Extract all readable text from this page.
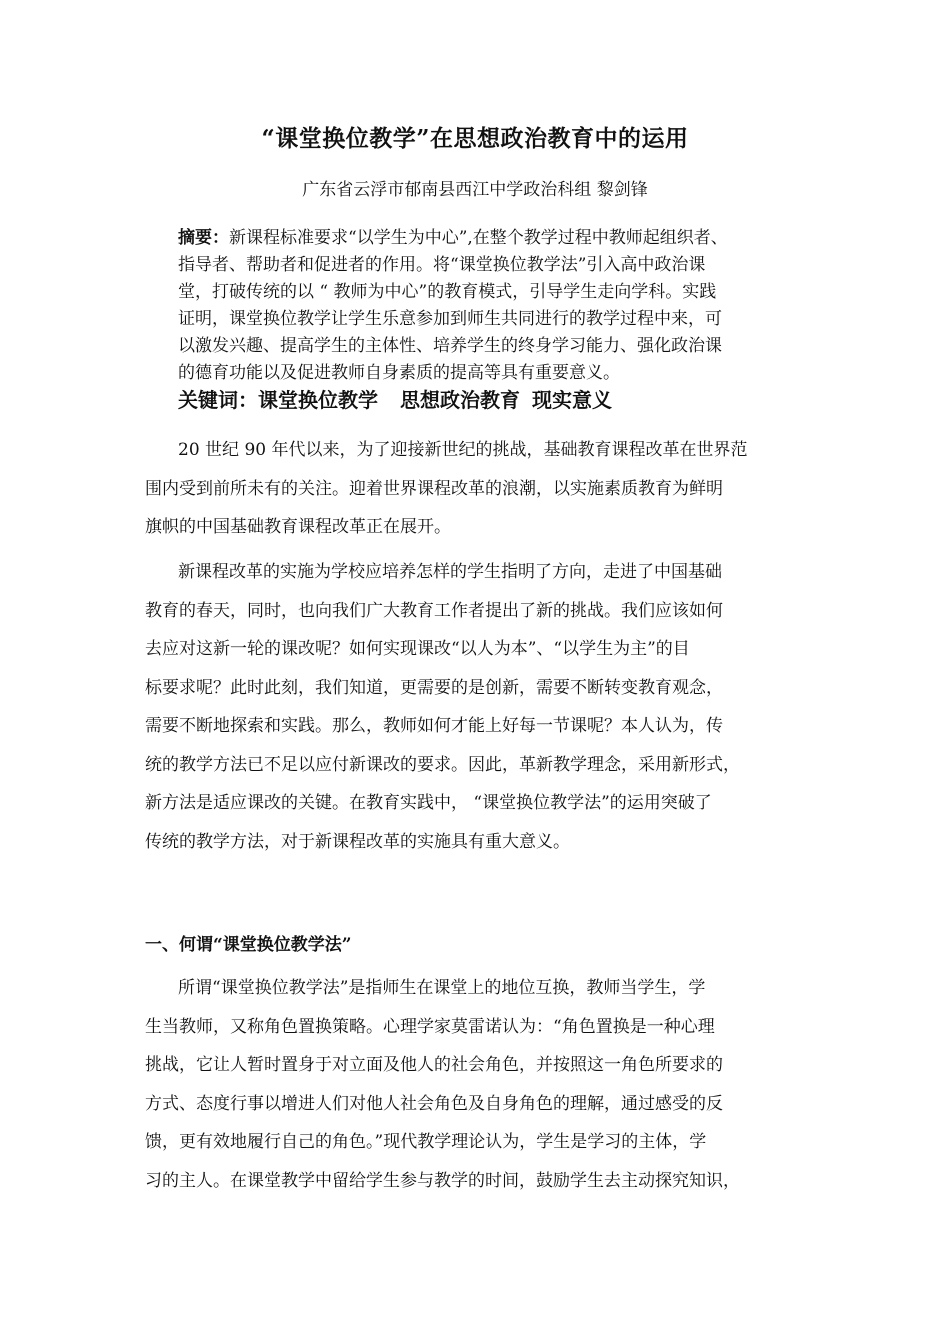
“课堂换位教学”在思想政治教育中的运用
广东省云浮市郁南县西江中学政治科组 黎剑锋
摘要：新课程标准要求“以学生为中心”,在整个教学过程中教师起组织者、
指导者、帮助者和促进者的作用。将“课堂换位教学法”引入高中政治课
堂，打破传统的以 “ 教师为中心”的教育模式，引导学生走向学科。实践
证明，课堂换位教学让学生乐意参加到师生共同进行的教学过程中来，可
以激发兴趣、提高学生的主体性、培养学生的终身学习能力、强化政治课
的德育功能以及促进教师自身素质的提高等具有重要意义。
关键词：课堂换位教学 思想政治教育 现实意义
20 世纪 90 年代以来，为了迎接新世纪的挑战，基础教育课程改革在世界范
围内受到前所未有的关注。迎着世界课程改革的浪潮，以实施素质教育为鲜明
旗帜的中国基础教育课程改革正在展开。
新课程改革的实施为学校应培养怎样的学生指明了方向，走进了中国基础
教育的春天，同时，也向我们广大教育工作者提出了新的挑战。我们应该如何
去应对这新一轮的课改呢？如何实现课改“以人为本”、“以学生为主”的目
标要求呢？此时此刻，我们知道，更需要的是创新，需要不断转变教育观念，
需要不断地探索和实践。那么，教师如何才能上好每一节课呢？本人认为，传
统的教学方法已不足以应付新课改的要求。因此，革新教学理念，采用新形式，
新方法是适应课改的关键。在教育实践中， “课堂换位教学法”的运用突破了
传统的教学方法，对于新课程改革的实施具有重大意义。
一、何谓“课堂换位教学法”
所谓“课堂换位教学法”是指师生在课堂上的地位互换，教师当学生，学
生当教师，又称角色置换策略。心理学家莫雷诺认为：“角色置换是一种心理
挑战，它让人暂时置身于对立面及他人的社会角色，并按照这一角色所要求的
方式、态度行事以增进人们对他人社会角色及自身角色的理解，通过感受的反
馈，更有效地履行自己的角色。”现代教学理论认为，学生是学习的主体，学
习的主人。在课堂教学中留给学生参与教学的时间，鼓励学生去主动探究知识，
